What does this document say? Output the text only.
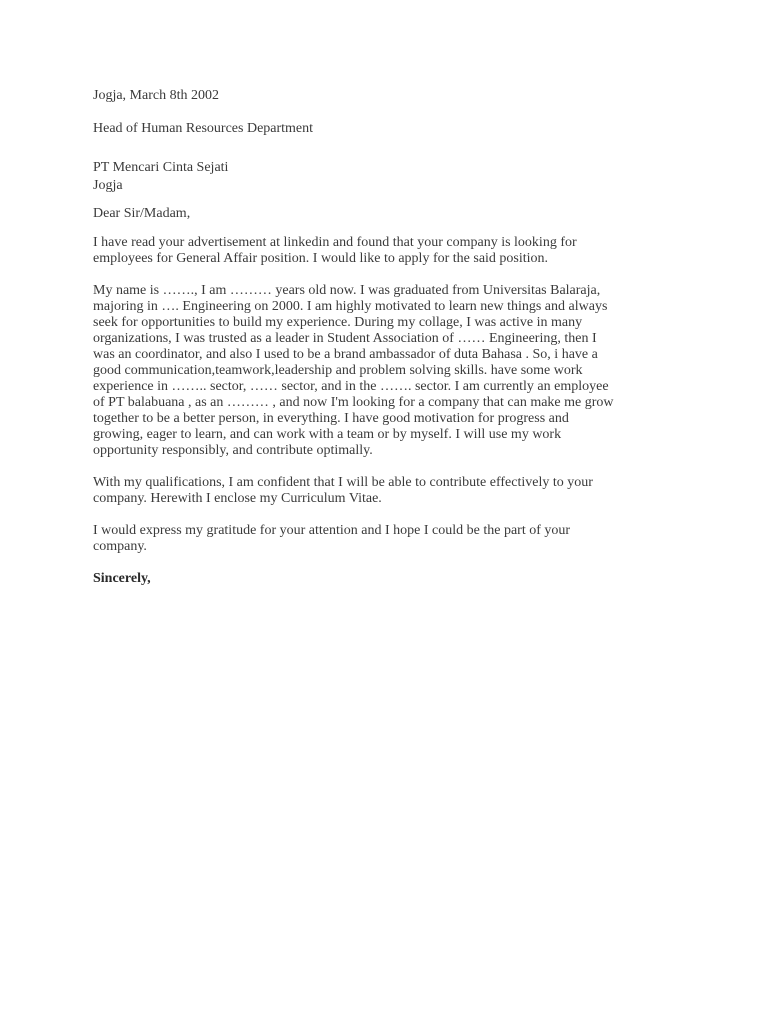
Jogja, March 8th 2002

Head of Human Resources Department

PT Mencari Cinta Sejati

Jogja

Dear Sir/Madam,

I have read your advertisement at linkedin and found that your company is looking for

employees for General Affair position. I would like to apply for the said position.

My name is ……., I am ……… years old now. I was graduated from Universitas Balaraja,

majoring in …. Engineering on 2000. I am highly motivated to learn new things and always

seek for opportunities to build my experience. During my collage, I was active in many

organizations, I was trusted as a leader in Student Association of …… Engineering, then I

was an coordinator, and also I used to be a brand ambassador of duta Bahasa . So, i have a

good communication,teamwork,leadership and problem solving skills. have some work

experience in …….. sector, …… sector, and in the ……. sector. I am currently an employee

of PT balabuana , as an ……… , and now I'm looking for a company that can make me grow

together to be a better person, in everything. I have good motivation for progress and

growing, eager to learn, and can work with a team or by myself. I will use my work

opportunity responsibly, and contribute optimally.

With my qualifications, I am confident that I will be able to contribute effectively to your

company. Herewith I enclose my Curriculum Vitae.

I would express my gratitude for your attention and I hope I could be the part of your

company.

Sincerely,
